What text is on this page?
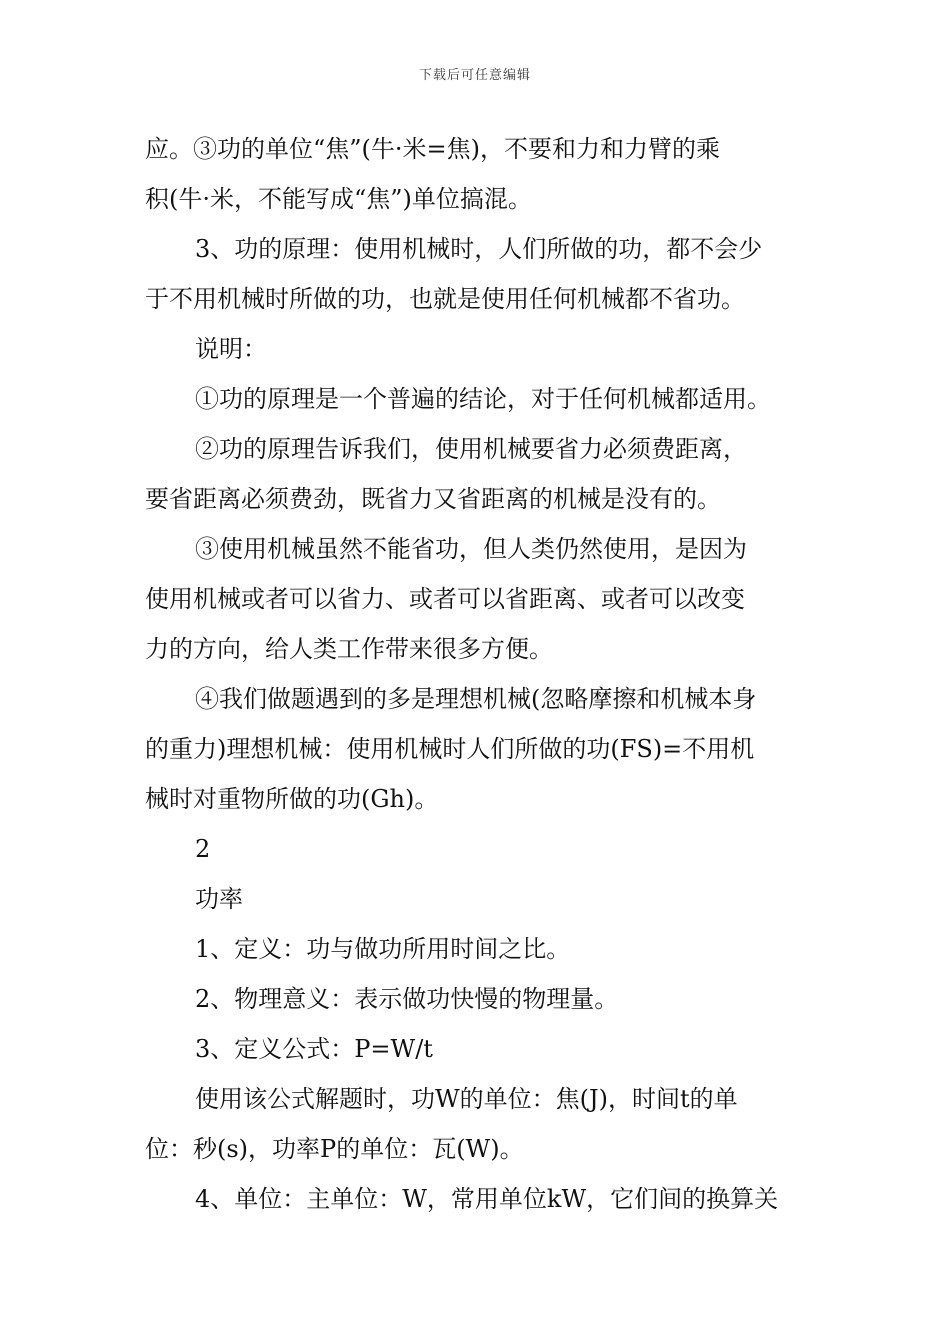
下载后可任意编辑
应。③功的单位“焦”(牛·米=焦)，不要和力和力臂的乘
积(牛·米，不能写成“焦”)单位搞混。
3、功的原理：使用机械时，人们所做的功，都不会少
于不用机械时所做的功，也就是使用任何机械都不省功。
说明：
①功的原理是一个普遍的结论，对于任何机械都适用。
②功的原理告诉我们，使用机械要省力必须费距离，
要省距离必须费劲，既省力又省距离的机械是没有的。
③使用机械虽然不能省功，但人类仍然使用，是因为
使用机械或者可以省力、或者可以省距离、或者可以改变
力的方向，给人类工作带来很多方便。
④我们做题遇到的多是理想机械(忽略摩擦和机械本身
的重力)理想机械：使用机械时人们所做的功(FS)=不用机
械时对重物所做的功(Gh)。
2
功率
1、定义：功与做功所用时间之比。
2、物理意义：表示做功快慢的物理量。
3、定义公式：P=W/t
使用该公式解题时，功W的单位：焦(J)，时间t的单
位：秒(s)，功率P的单位：瓦(W)。
4、单位：主单位：W，常用单位kW，它们间的换算关
